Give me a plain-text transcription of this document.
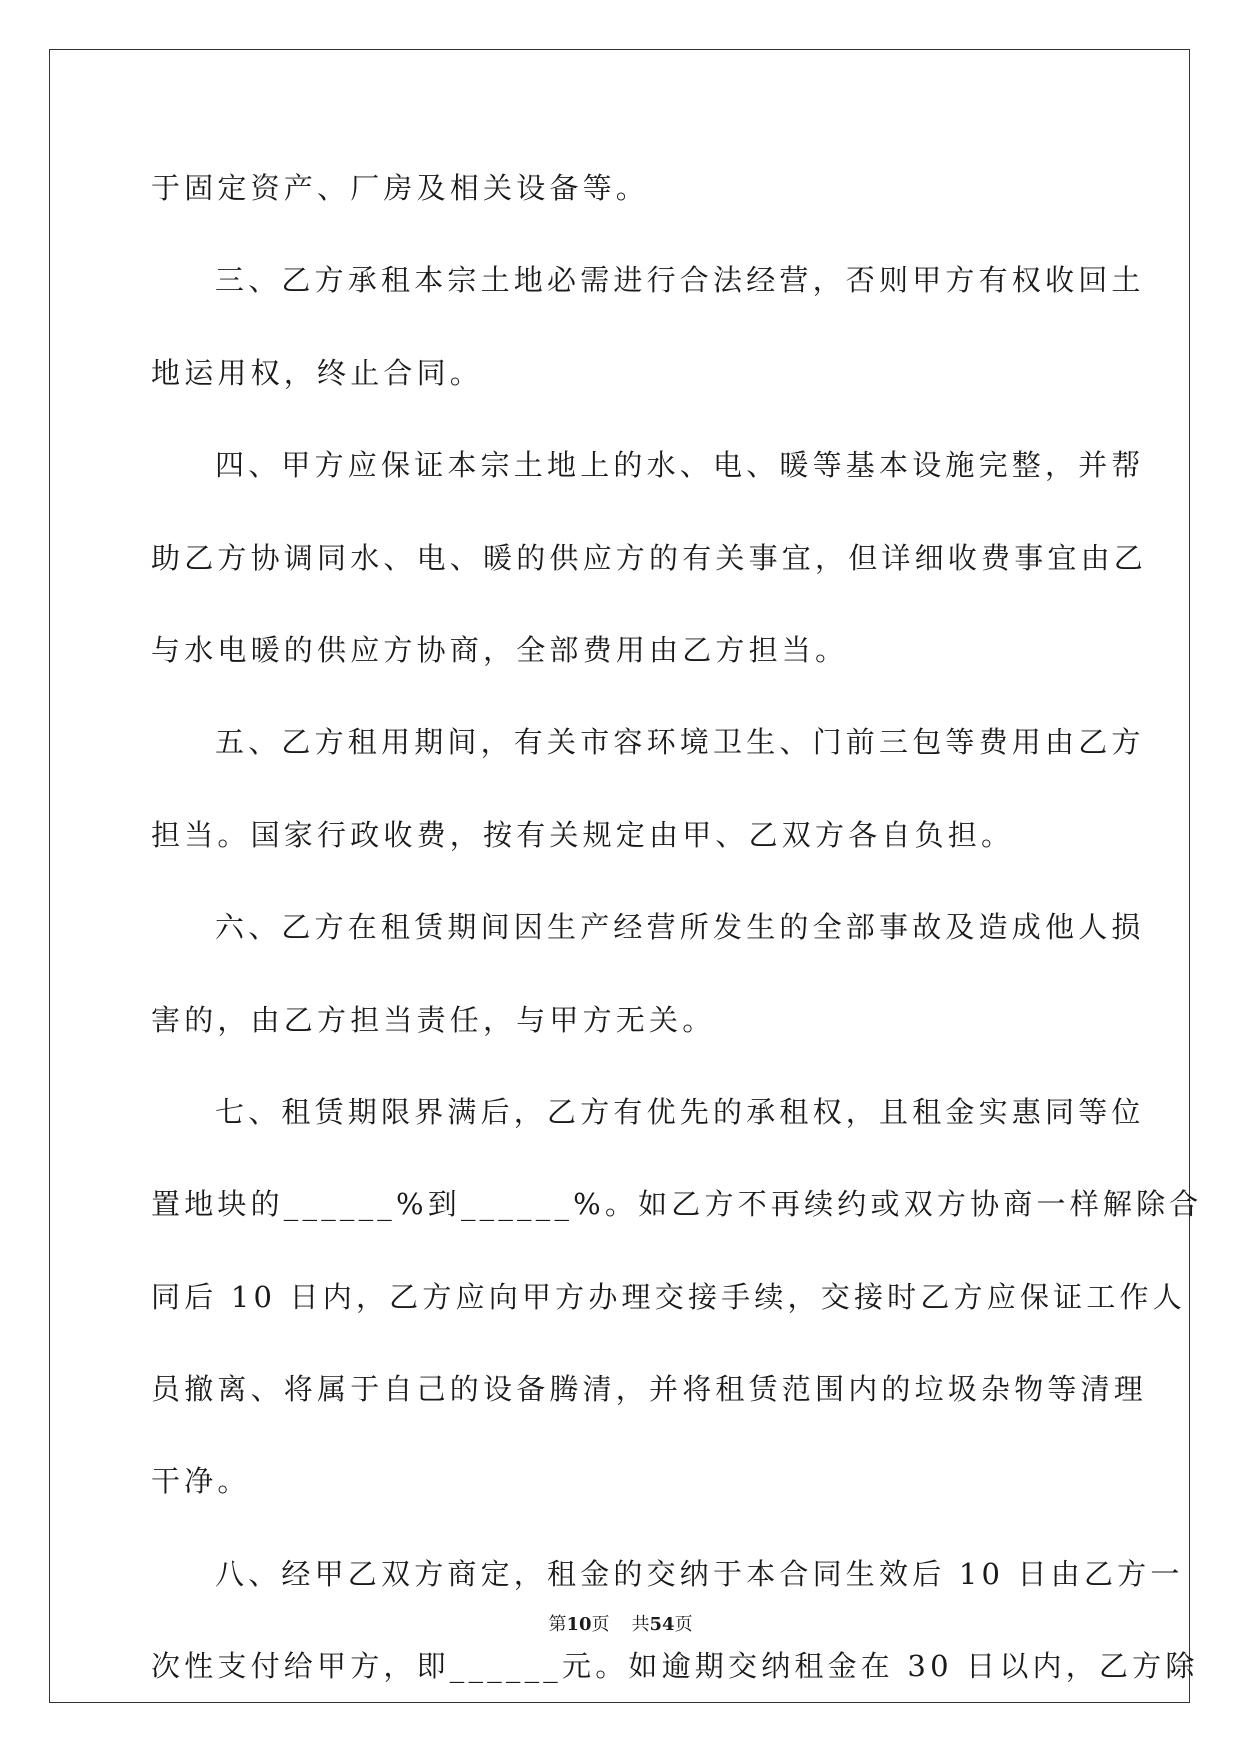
于固定资产、厂房及相关设备等。
三、乙方承租本宗土地必需进行合法经营，否则甲方有权收回土
地运用权，终止合同。
四、甲方应保证本宗土地上的水、电、暖等基本设施完整，并帮
助乙方协调同水、电、暖的供应方的有关事宜，但详细收费事宜由乙
与水电暖的供应方协商，全部费用由乙方担当。
五、乙方租用期间，有关市容环境卫生、门前三包等费用由乙方
担当。国家行政收费，按有关规定由甲、乙双方各自负担。
六、乙方在租赁期间因生产经营所发生的全部事故及造成他人损
害的，由乙方担当责任，与甲方无关。
七、租赁期限界满后，乙方有优先的承租权，且租金实惠同等位
置地块的______%到______%。如乙方不再续约或双方协商一样解除合
同后 10 日内，乙方应向甲方办理交接手续，交接时乙方应保证工作人
员撤离、将属于自己的设备腾清，并将租赁范围内的垃圾杂物等清理
干净。
八、经甲乙双方商定，租金的交纳于本合同生效后 10 日由乙方一
次性支付给甲方，即______元。如逾期交纳租金在 30 日以内，乙方除
第10页 共54页
